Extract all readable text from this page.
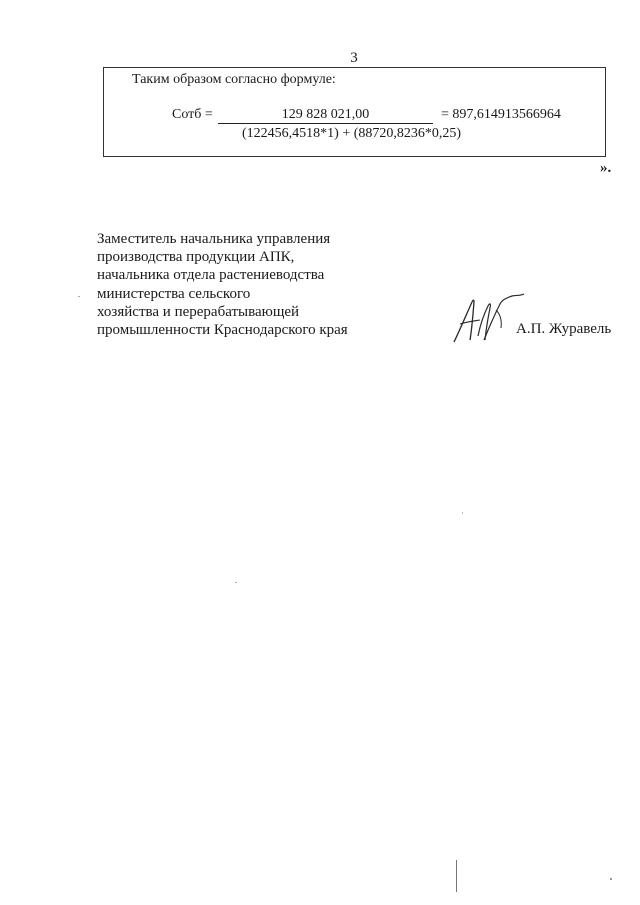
3
Таким образом согласно формуле:
Сотб =	129 828 021,00	= 897,614913566964
(122456,4518*1) + (88720,8236*0,25)
».
Заместитель начальника управления
производства продукции АПК,
начальника отдела растениеводства
министерства сельского
хозяйства и перерабатывающей
промышленности Краснодарского края	А.П. Журавель
